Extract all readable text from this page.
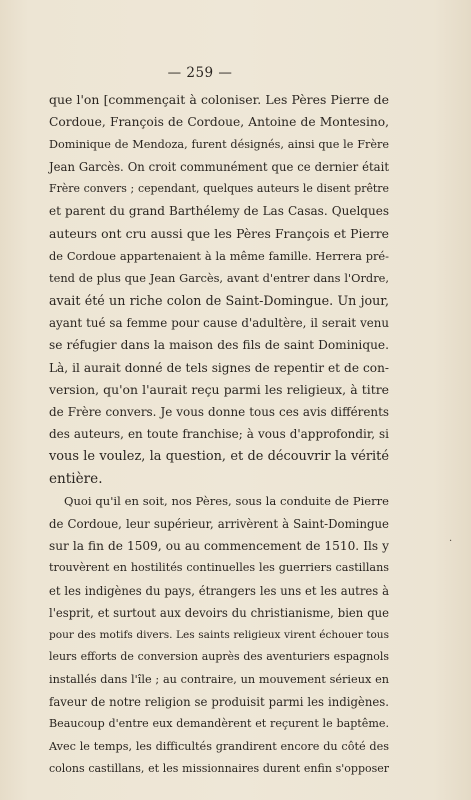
— 259 —
que l'on [commençait à coloniser. Les Pères Pierre de
Cordoue, François de Cordoue, Antoine de Montesino,
Dominique de Mendoza, furent désignés, ainsi que le Frère
Jean Garcès. On croit communément que ce dernier était
Frère convers ; cependant, quelques auteurs le disent prêtre
et parent du grand Barthélemy de Las Casas. Quelques
auteurs ont cru aussi que les Pères François et Pierre
de Cordoue appartenaient à la même famille. Herrera pré-
tend de plus que Jean Garcès, avant d'entrer dans l'Ordre,
avait été un riche colon de Saint-Domingue. Un jour,
ayant tué sa femme pour cause d'adultère, il serait venu
se réfugier dans la maison des fils de saint Dominique.
Là, il aurait donné de tels signes de repentir et de con-
version, qu'on l'aurait reçu parmi les religieux, à titre
de Frère convers. Je vous donne tous ces avis différents
des auteurs, en toute franchise; à vous d'approfondir, si
vous le voulez, la question, et de découvrir la vérité
entière.
Quoi qu'il en soit, nos Pères, sous la conduite de Pierre
de Cordoue, leur supérieur, arrivèrent à Saint-Domingue
sur la fin de 1509, ou au commencement de 1510. Ils y
trouvèrent en hostilités continuelles les guerriers castillans
et les indigènes du pays, étrangers les uns et les autres à
l'esprit, et surtout aux devoirs du christianisme, bien que
pour des motifs divers. Les saints religieux virent échouer tous
leurs efforts de conversion auprès des aventuriers espagnols
installés dans l'île ; au contraire, un mouvement sérieux en
faveur de notre religion se produisit parmi les indigènes.
Beaucoup d'entre eux demandèrent et reçurent le baptême.
Avec le temps, les difficultés grandirent encore du côté des
colons castillans, et les missionnaires durent enfin s'opposer
·
